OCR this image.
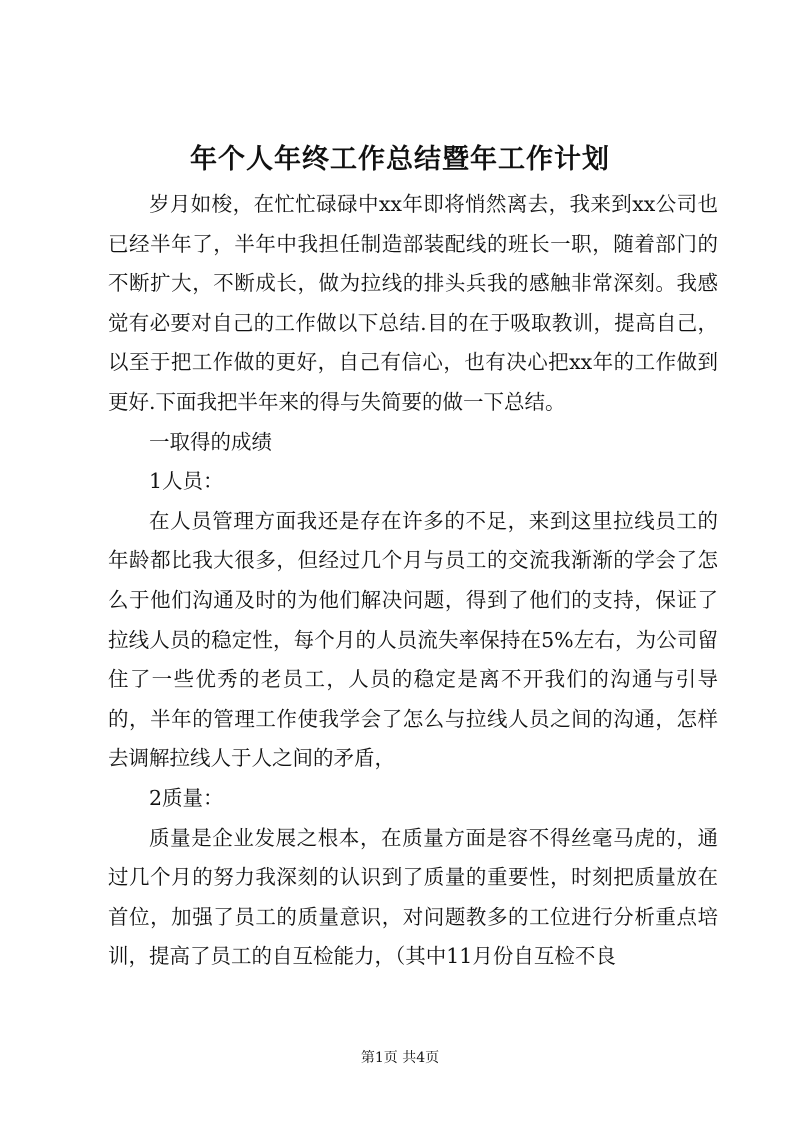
年个人年终工作总结暨年工作计划

岁月如梭，在忙忙碌碌中xx年即将悄然离去，我来到xx公司也已经半年了，半年中我担任制造部装配线的班长一职，随着部门的不断扩大，不断成长，做为拉线的排头兵我的感触非常深刻。我感觉有必要对自己的工作做以下总结.目的在于吸取教训，提高自己，以至于把工作做的更好，自己有信心，也有决心把xx年的工作做到更好.下面我把半年来的得与失简要的做一下总结。

一取得的成绩

1人员：

在人员管理方面我还是存在许多的不足，来到这里拉线员工的年龄都比我大很多，但经过几个月与员工的交流我渐渐的学会了怎么于他们沟通及时的为他们解决问题，得到了他们的支持，保证了拉线人员的稳定性，每个月的人员流失率保持在5%左右，为公司留住了一些优秀的老员工，人员的稳定是离不开我们的沟通与引导的，半年的管理工作使我学会了怎么与拉线人员之间的沟通，怎样去调解拉线人于人之间的矛盾，

2质量：

质量是企业发展之根本，在质量方面是容不得丝毫马虎的，通过几个月的努力我深刻的认识到了质量的重要性，时刻把质量放在首位，加强了员工的质量意识，对问题教多的工位进行分析重点培训，提高了员工的自互检能力，（其中11月份自互检不良

第1页 共4页
